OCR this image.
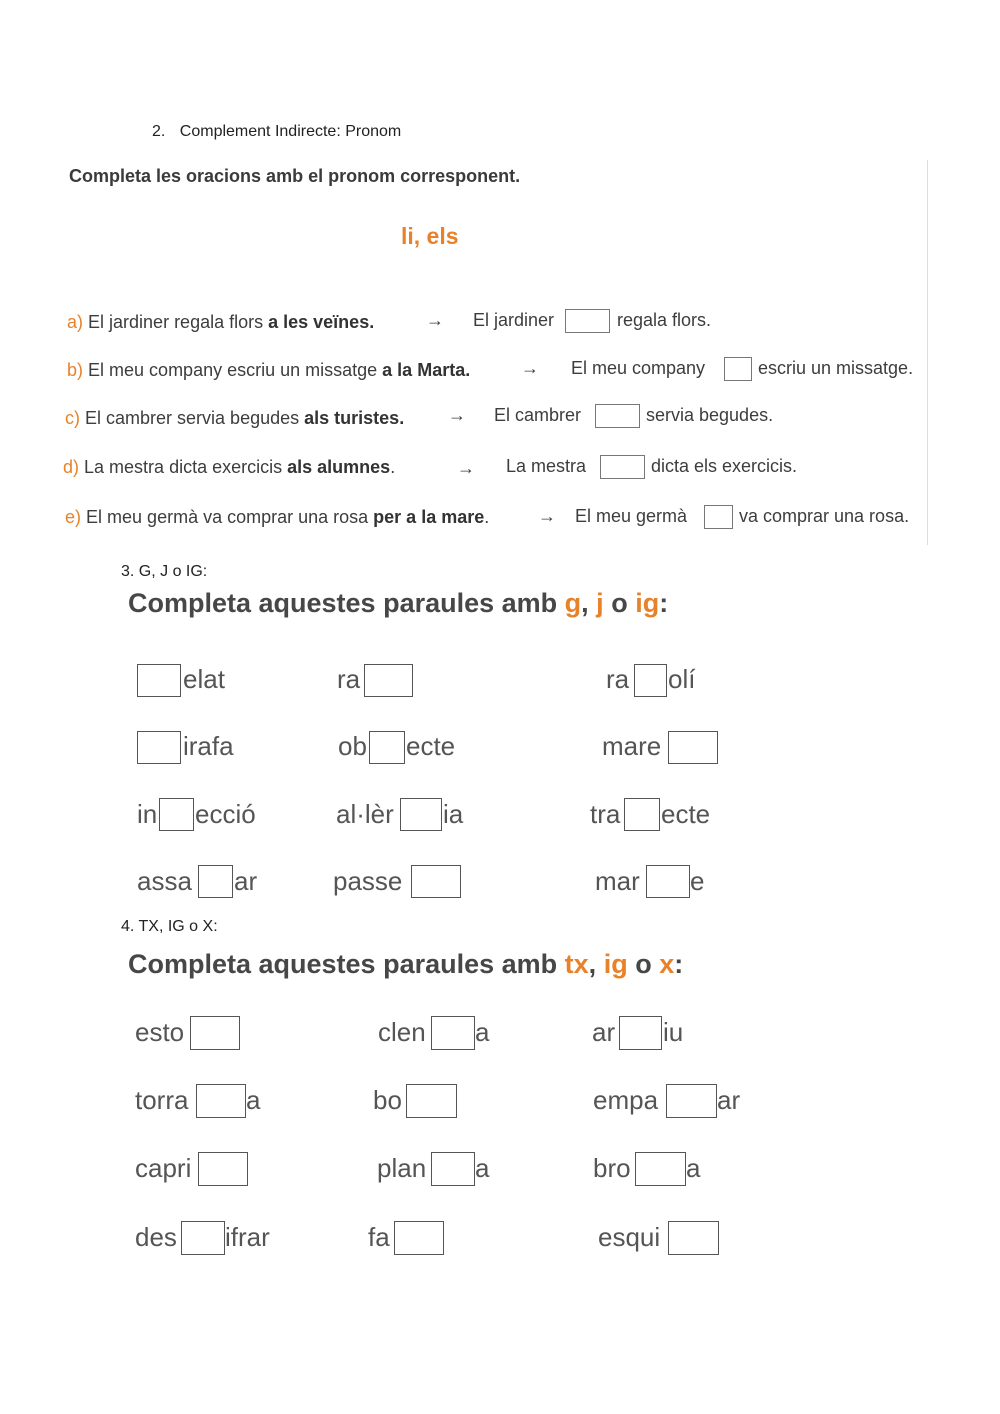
2. Complement Indirecte: Pronom
Completa les oracions amb el pronom corresponent.
li, els
a) El jardiner regala flors a les veïnes.	→ El jardiner	regala flors.
b) El meu company escriu un missatge a la Marta.	→ El meu company	escriu un missatge.
c) El cambrer servia begudes als turistes. → El cambrer	servia begudes.
d) La mestra dicta exercicis als alumnes.	→ La mestra	dicta els exercicis.
e) El meu germà va comprar una rosa per a la mare.	→ El meu germà	va comprar una rosa.
3. G, J o IG:
Completa aquestes paraules amb g, j o ig:
elat	ra	ra olí
irafa	ob ecte	mare
in ecció	al·lèr ia	tra ecte
assa ar	passe	mar e
4. TX, IG o X:
Completa aquestes paraules amb tx, ig o x:
esto	clen a	ar iu
torra a	bo	empa ar
capri	plan a	bro a
des ifrar	fa	esqui
